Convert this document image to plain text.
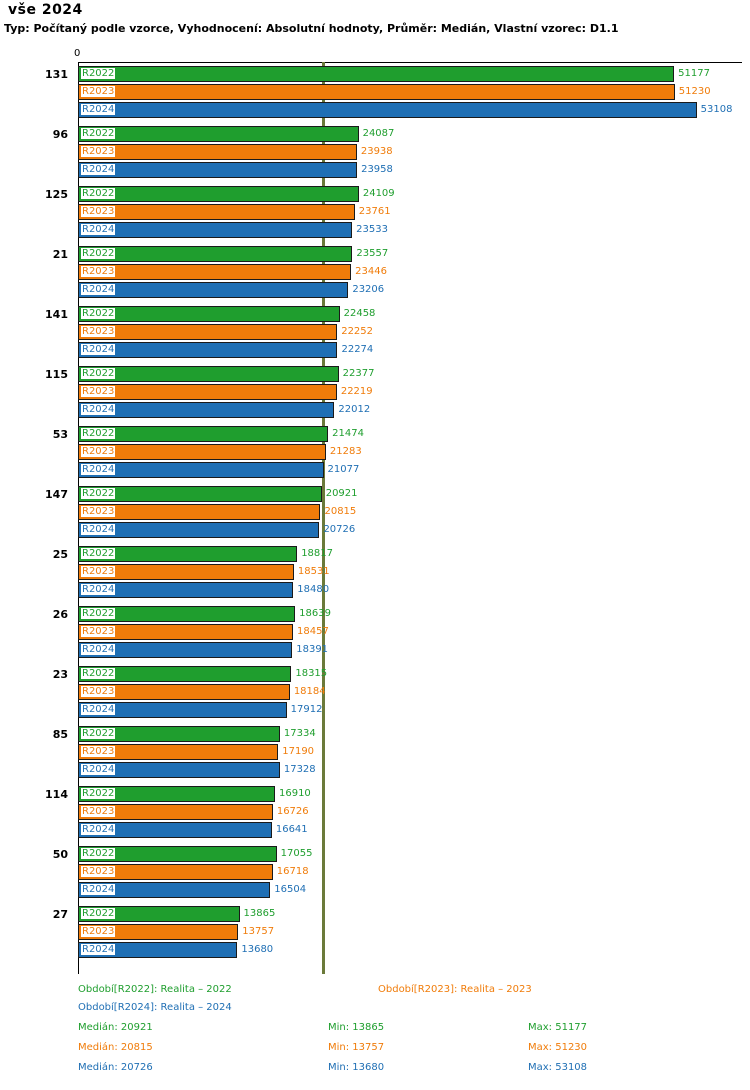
vše 2024
Typ: Počítaný podle vzorce, Vyhodnocení: Absolutní hodnoty, Průměr: Medián, Vlastní vzorec: D1.1
0
131 R2022	51177
R2023	51230
R2024	53108
96 R2022	24087
R2023	23938
R2024	23958
125 R2022	24109
R2023	23761
R2024	23533
21 R2022	23557
R2023	23446
R2024	23206
141 R2022	22458
R2023	22252
R2024	22274
115 R2022	22377
R2023	22219
R2024	22012
53 R2022	21474
R2023	21283
R2024	21077
147 R2022	20921
R2023	20815
R2024	20726
25 R2022	18817
R2023	18531
R2024	18480
26 R2022	18639
R2023	18457
R2024	18391
23 R2022	18315
R2023	18184
R2024	17912
85 R2022	17334
R2023	17190
R2024	17328
114 R2022	16910
R2023	16726
R2024	16641
50 R2022	17055
R2023	16718
R2024	16504
27 R2022	13865
R2023	13757
R2024	13680
Období[R2022]: Realita – 2022	Období[R2023]: Realita – 2023
Období[R2024]: Realita – 2024
Medián: 20921	Min: 13865	Max: 51177
Medián: 20815	Min: 13757	Max: 51230
Medián: 20726	Min: 13680	Max: 53108
